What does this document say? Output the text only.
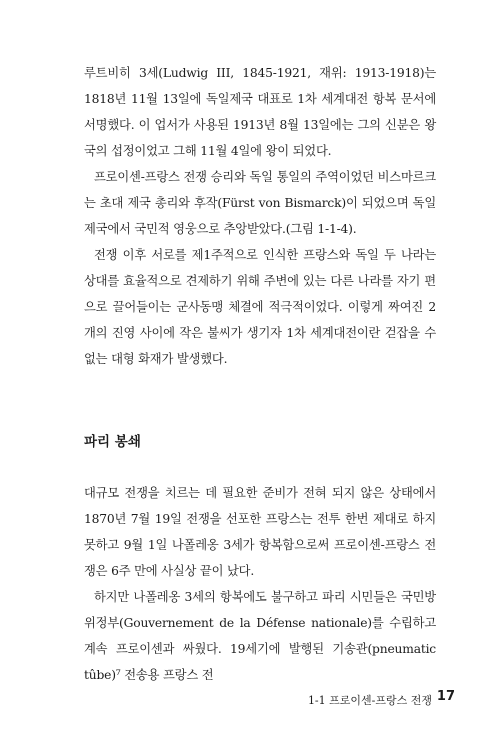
루트비히 3세(Ludwig III, 1845-1921, 재위: 1913-1918)는 1818년 11월 13일에 독일제국 대표로 1차 세계대전 항복 문서에 서명했다. 이 업서가 사용된 1913년 8월 13일에는 그의 신분은 왕국의 섭정이었고 그해 11월 4일에 왕이 되었다.

프로이센-프랑스 전쟁 승리와 독일 통일의 주역이었던 비스마르크는 초대 제국 총리와 후작(Fürst von Bismarck)이 되었으며 독일제국에서 국민적 영웅으로 추앙받았다.(그림 1-1-4).

전쟁 이후 서로를 제1주적으로 인식한 프랑스와 독일 두 나라는 상대를 효율적으로 견제하기 위해 주변에 있는 다른 나라를 자기 편으로 끌어들이는 군사동맹 체결에 적극적이었다. 이렇게 짜여진 2개의 진영 사이에 작은 불씨가 생기자 1차 세계대전이란 걷잡을 수 없는 대형 화재가 발생했다.

파리 봉쇄

대규모 전쟁을 치르는 데 필요한 준비가 전혀 되지 않은 상태에서 1870년 7월 19일 전쟁을 선포한 프랑스는 전투 한번 제대로 하지 못하고 9월 1일 나폴레옹 3세가 항복함으로써 프로이센-프랑스 전쟁은 6주 만에 사실상 끝이 났다.

하지만 나폴레옹 3세의 항복에도 불구하고 파리 시민들은 국민방위정부(Gouvernement de la Défense nationale)를 수립하고 계속 프로이센과 싸웠다. 19세기에 발행된 기송관(pneumatic tûbe)⁷ 전송용 프랑스 전

1-1 프로이센-프랑스 전쟁 17
